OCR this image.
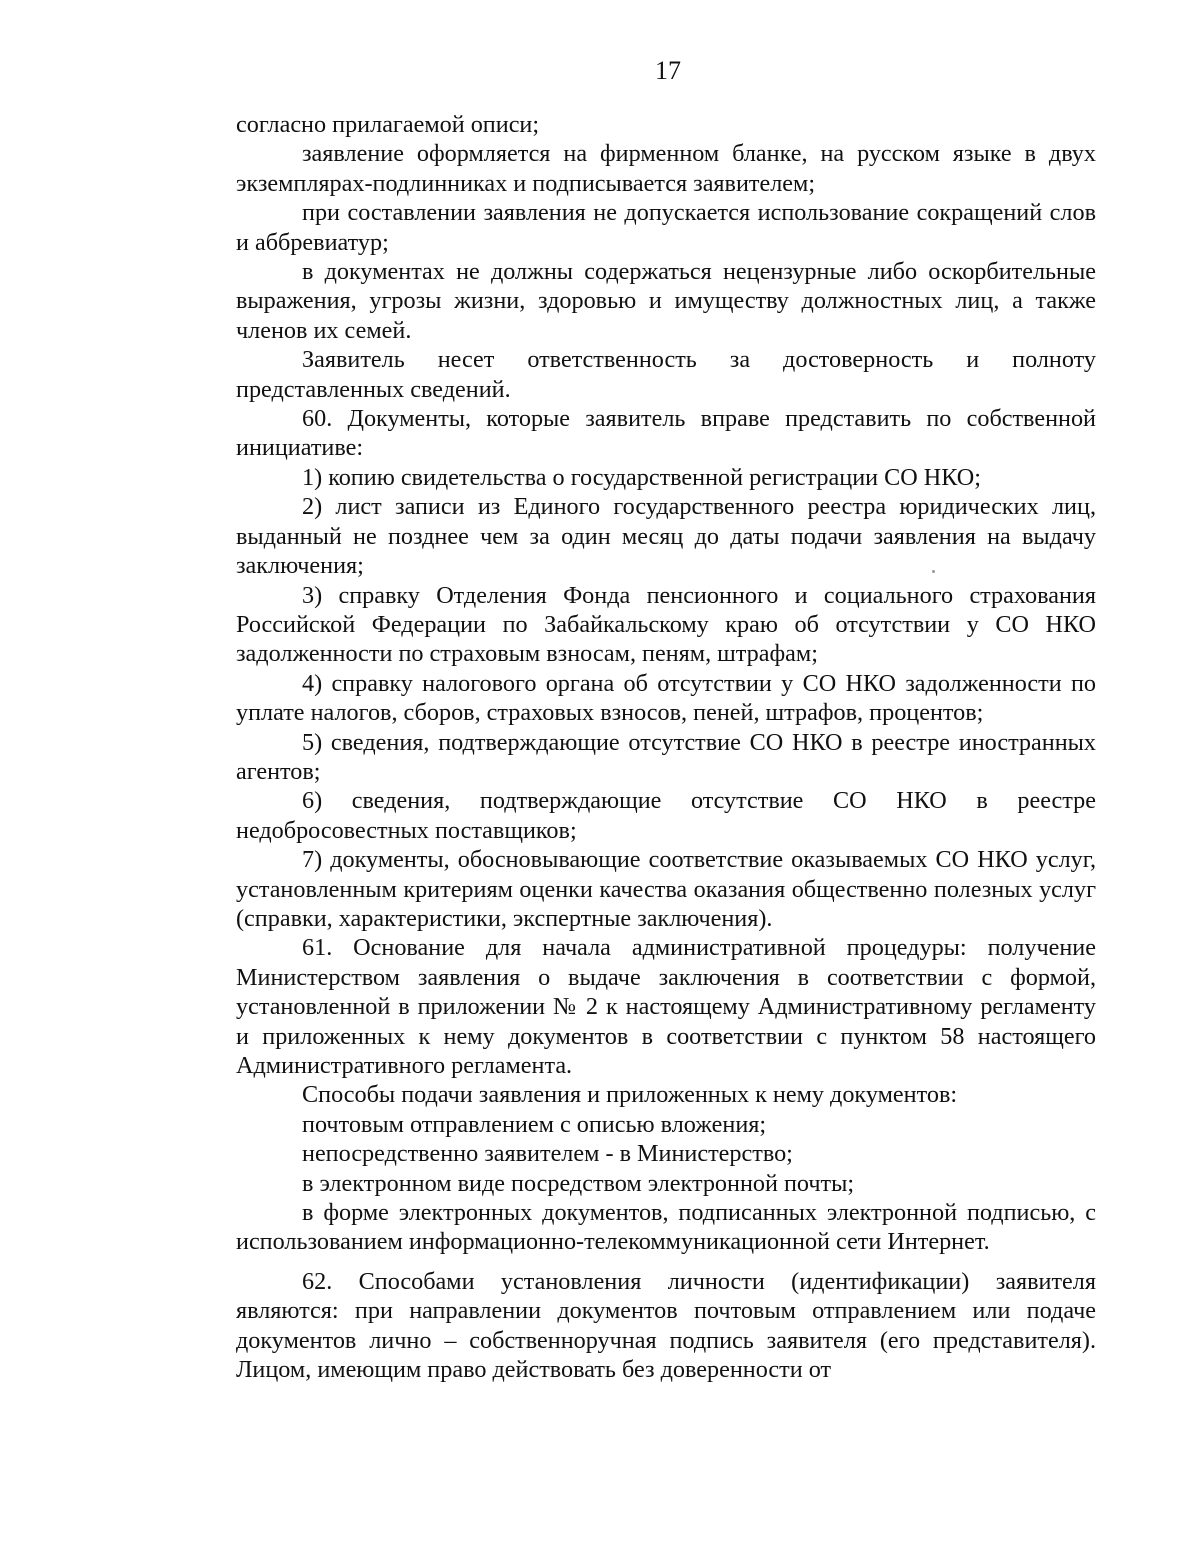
17

согласно прилагаемой описи;

заявление оформляется на фирменном бланке, на русском языке в двух экземплярах-подлинниках и подписывается заявителем;

при составлении заявления не допускается использование сокращений слов и аббревиатур;

в документах не должны содержаться нецензурные либо оскорбительные выражения, угрозы жизни, здоровью и имуществу должностных лиц, а также членов их семей.

Заявитель несет ответственность за достоверность и полноту представленных сведений.

60. Документы, которые заявитель вправе представить по собственной инициативе:

1) копию свидетельства о государственной регистрации СО НКО;

2) лист записи из Единого государственного реестра юридических лиц, выданный не позднее чем за один месяц до даты подачи заявления на выдачу заключения;

3) справку Отделения Фонда пенсионного и социального страхования Российской Федерации по Забайкальскому краю об отсутствии у СО НКО задолженности по страховым взносам, пеням, штрафам;

4) справку налогового органа об отсутствии у СО НКО задолженности по уплате налогов, сборов, страховых взносов, пеней, штрафов, процентов;

5) сведения, подтверждающие отсутствие СО НКО в реестре иностранных агентов;

6) сведения, подтверждающие отсутствие СО НКО в реестре недобросовестных поставщиков;

7) документы, обосновывающие соответствие оказываемых СО НКО услуг, установленным критериям оценки качества оказания общественно полезных услуг (справки, характеристики, экспертные заключения).

61. Основание для начала административной процедуры: получение Министерством заявления о выдаче заключения в соответствии с формой, установленной в приложении № 2 к настоящему Административному регламенту и приложенных к нему документов в соответствии с пунктом 58 настоящего Административного регламента.

Способы подачи заявления и приложенных к нему документов:

почтовым отправлением с описью вложения;

непосредственно заявителем - в Министерство;

в электронном виде посредством электронной почты;

в форме электронных документов, подписанных электронной подписью, с использованием информационно-телекоммуникационной сети Интернет.

62. Способами установления личности (идентификации) заявителя являются: при направлении документов почтовым отправлением или подаче документов лично – собственноручная подпись заявителя (его представителя). Лицом, имеющим право действовать без доверенности от
